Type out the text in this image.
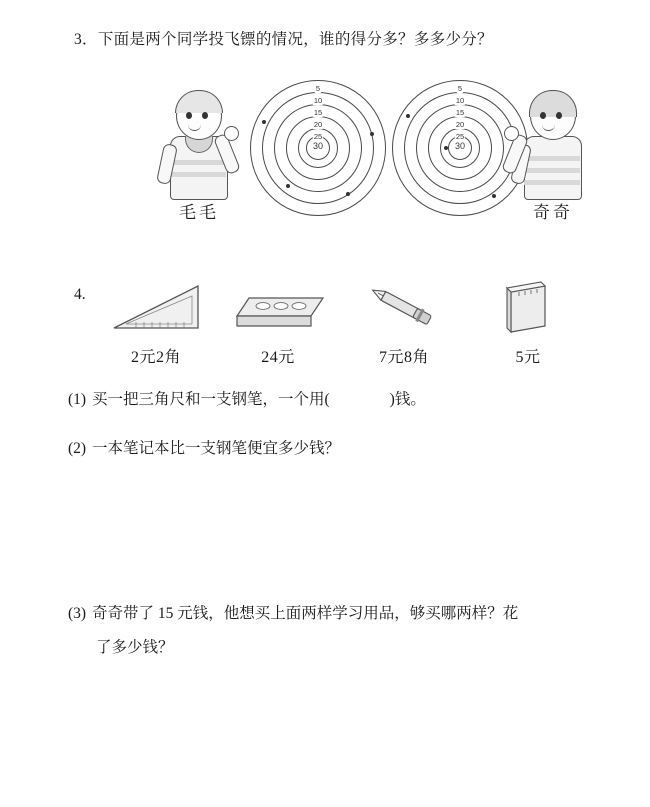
3．下面是两个同学投飞镖的情况，谁的得分多？多多少分？
毛毛
5
10
15
20
25
30
5
10
15
20
25
30
奇奇
4.
2元2角	24元	7元8角	5元
(1) 买一把三角尺和一支钢笔，一个用(	)钱。
(2) 一本笔记本比一支钢笔便宜多少钱？
(3) 奇奇带了 15 元钱，他想买上面两样学习用品，够买哪两样？花
了多少钱？
